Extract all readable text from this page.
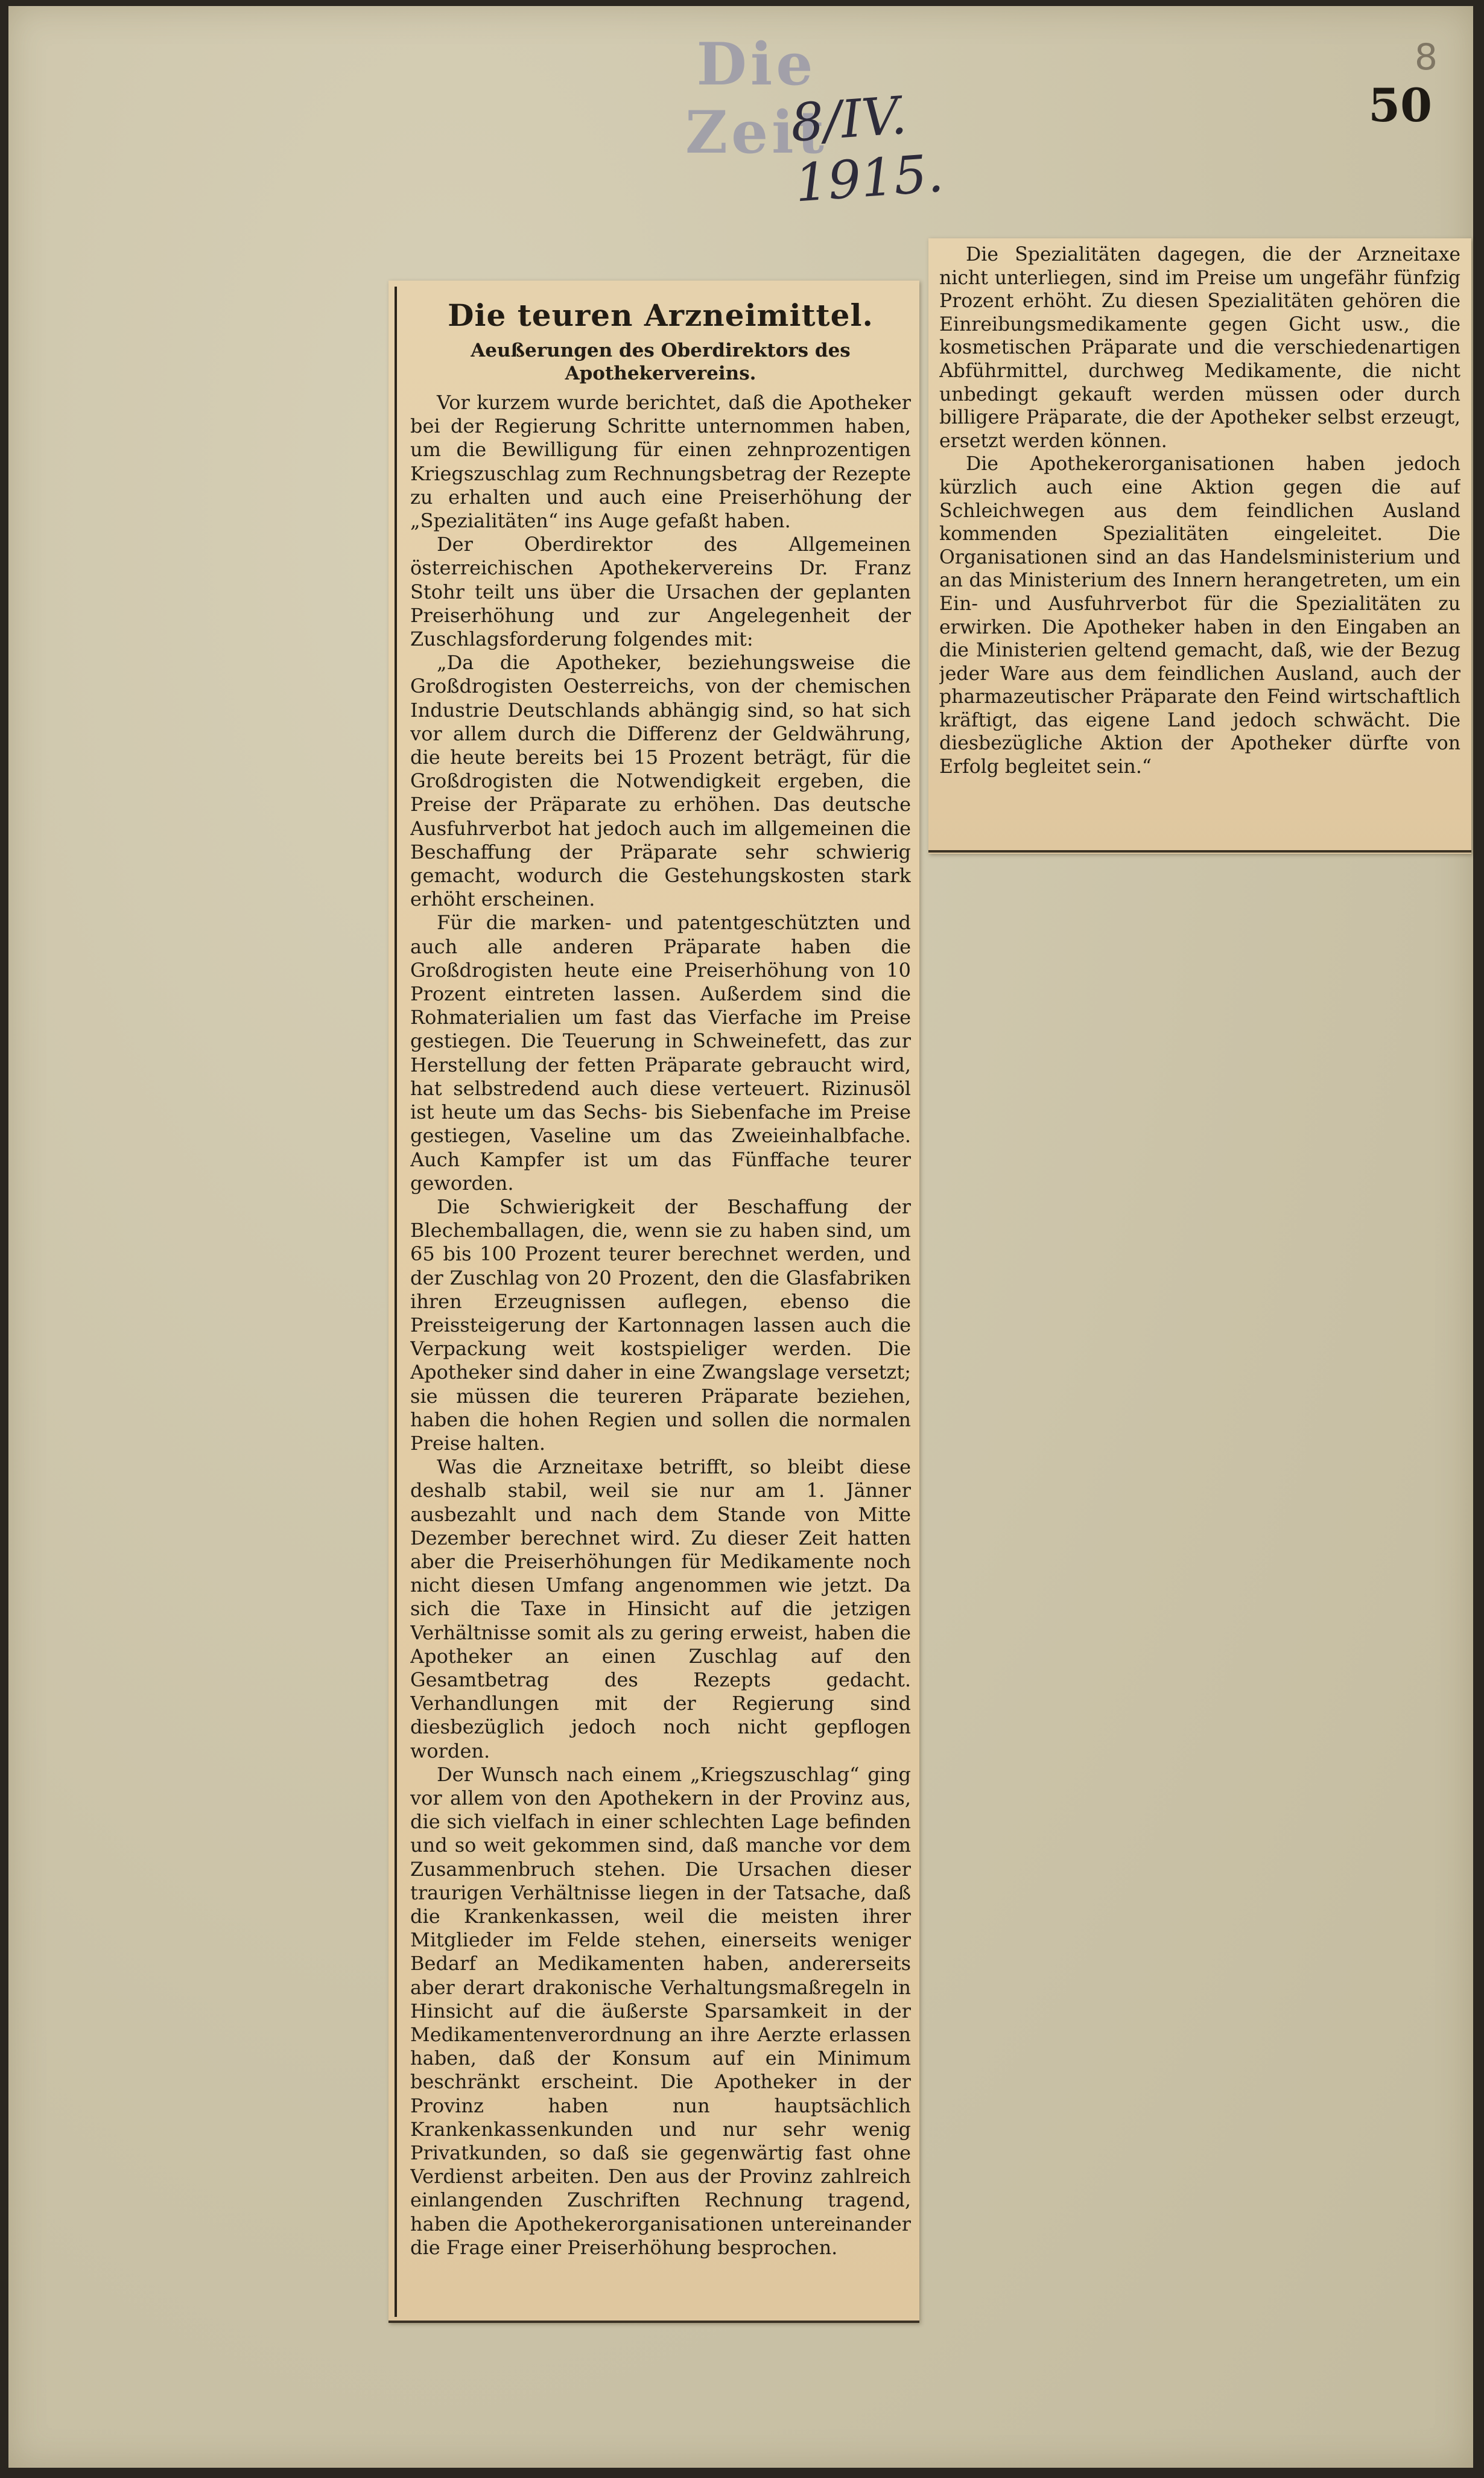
Die Zeit
8/IV. 1915.
8
50
Die teuren Arzneimittel.
Aeußerungen des Oberdirektors des Apothekervereins.

Vor kurzem wurde berichtet, daß die Apotheker bei der Regierung Schritte unternommen haben, um die Bewilligung für einen zehnprozentigen Kriegszuschlag zum Rechnungsbetrag der Rezepte zu erhalten und auch eine Preiserhöhung der „Spezialitäten“ ins Auge gefaßt haben.

Der Oberdirektor des Allgemeinen österreichischen Apothekervereins Dr. Franz Stohr teilt uns über die Ursachen der geplanten Preiserhöhung und zur Angelegenheit der Zuschlagsforderung folgendes mit:

„Da die Apotheker, beziehungsweise die Großdrogisten Oesterreichs, von der chemischen Industrie Deutschlands abhängig sind, so hat sich vor allem durch die Differenz der Geldwährung, die heute bereits bei 15 Prozent beträgt, für die Großdrogisten die Notwendigkeit ergeben, die Preise der Präparate zu erhöhen. Das deutsche Ausfuhrverbot hat jedoch auch im allgemeinen die Beschaffung der Präparate sehr schwierig gemacht, wodurch die Gestehungskosten stark erhöht erscheinen.

Für die marken- und patentgeschützten und auch alle anderen Präparate haben die Großdrogisten heute eine Preiserhöhung von 10 Prozent eintreten lassen. Außerdem sind die Rohmaterialien um fast das Vierfache im Preise gestiegen. Die Teuerung in Schweinefett, das zur Herstellung der fetten Präparate gebraucht wird, hat selbstredend auch diese verteuert. Rizinusöl ist heute um das Sechs- bis Siebenfache im Preise gestiegen, Vaseline um das Zweieinhalbfache. Auch Kampfer ist um das Fünffache teurer geworden.

Die Schwierigkeit der Beschaffung der Blechemballagen, die, wenn sie zu haben sind, um 65 bis 100 Prozent teurer berechnet werden, und der Zuschlag von 20 Prozent, den die Glasfabriken ihren Erzeugnissen auflegen, ebenso die Preissteigerung der Kartonnagen lassen auch die Verpackung weit kostspieliger werden. Die Apotheker sind daher in eine Zwangslage versetzt; sie müssen die teureren Präparate beziehen, haben die hohen Regien und sollen die normalen Preise halten.

Was die Arzneitaxe betrifft, so bleibt diese deshalb stabil, weil sie nur am 1. Jänner ausbezahlt und nach dem Stande von Mitte Dezember berechnet wird. Zu dieser Zeit hatten aber die Preiserhöhungen für Medikamente noch nicht diesen Umfang angenommen wie jetzt. Da sich die Taxe in Hinsicht auf die jetzigen Verhältnisse somit als zu gering erweist, haben die Apotheker an einen Zuschlag auf den Gesamtbetrag des Rezepts gedacht. Verhandlungen mit der Regierung sind diesbezüglich jedoch noch nicht gepflogen worden.

Der Wunsch nach einem „Kriegszuschlag“ ging vor allem von den Apothekern in der Provinz aus, die sich vielfach in einer schlechten Lage befinden und so weit gekommen sind, daß manche vor dem Zusammenbruch stehen. Die Ursachen dieser traurigen Verhältnisse liegen in der Tatsache, daß die Krankenkassen, weil die meisten ihrer Mitglieder im Felde stehen, einerseits weniger Bedarf an Medikamenten haben, andererseits aber derart drakonische Verhaltungsmaßregeln in Hinsicht auf die äußerste Sparsamkeit in der Medikamentenverordnung an ihre Aerzte erlassen haben, daß der Konsum auf ein Minimum beschränkt erscheint. Die Apotheker in der Provinz haben nun hauptsächlich Krankenkassenkunden und nur sehr wenig Privatkunden, so daß sie gegenwärtig fast ohne Verdienst arbeiten. Den aus der Provinz zahlreich einlangenden Zuschriften Rechnung tragend, haben die Apothekerorganisationen untereinander die Frage einer Preiserhöhung besprochen.

Die Spezialitäten dagegen, die der Arzneitaxe nicht unterliegen, sind im Preise um ungefähr fünfzig Prozent erhöht. Zu diesen Spezialitäten gehören die Einreibungsmedikamente gegen Gicht usw., die kosmetischen Präparate und die verschiedenartigen Abführmittel, durchweg Medikamente, die nicht unbedingt gekauft werden müssen oder durch billigere Präparate, die der Apotheker selbst erzeugt, ersetzt werden können.

Die Apothekerorganisationen haben jedoch kürzlich auch eine Aktion gegen die auf Schleichwegen aus dem feindlichen Ausland kommenden Spezialitäten eingeleitet. Die Organisationen sind an das Handelsministerium und an das Ministerium des Innern herangetreten, um ein Ein- und Ausfuhrverbot für die Spezialitäten zu erwirken. Die Apotheker haben in den Eingaben an die Ministerien geltend gemacht, daß, wie der Bezug jeder Ware aus dem feindlichen Ausland, auch der pharmazeutischer Präparate den Feind wirtschaftlich kräftigt, das eigene Land jedoch schwächt. Die diesbezügliche Aktion der Apotheker dürfte von Erfolg begleitet sein.“
